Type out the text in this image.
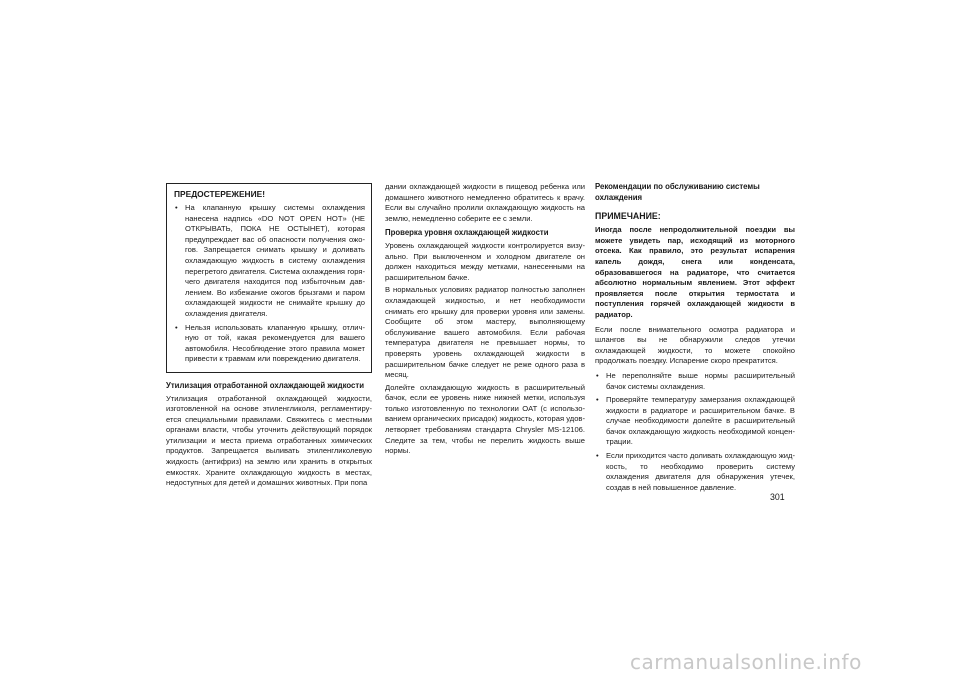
ПРЕДОСТЕРЕЖЕНИЕ!
• На клапанную крышку системы охлаждения нанесена надпись «DO NOT OPEN HOT» (НЕ ОТКРЫВАТЬ, ПОКА НЕ ОСТЫНЕТ), которая предупреждает вас об опасности получения ожогов. Запрещается снимать крышку и доливать охлаждающую жидкость в систему охлаждения перегретого двигателя. Система охлаждения горячего двигателя находится под избыточным давлением. Во избежание ожогов брызгами и паром охлаждающей жидкости не снимайте крышку до охлаждения двигателя.
• Нельзя использовать клапанную крышку, отличную от той, какая рекомендуется для вашего автомобиля. Несоблюдение этого правила может привести к травмам или повреждению двигателя.
Утилизация отработанной охлаждающей жидкости

Утилизация отработанной охлаждающей жидкости, изготовленной на основе этиленгликоля, регламентируется специальными правилами. Свяжитесь с местными органами власти, чтобы уточнить действующий порядок утилизации и места приема отработанных химических продуктов. Запрещается выливать этиленгликолевую жидкость (антифриз) на землю или хранить в открытых емкостях. Храните охлаждающую жидкость в местах, недоступных для детей и домашних животных. При попа

дании охлаждающей жидкости в пищевод ребенка или домашнего животного немедленно обратитесь к врачу. Если вы случайно пролили охлаждающую жидкость на землю, немедленно соберите ее с земли.

Проверка уровня охлаждающей жидкости

Уровень охлаждающей жидкости контролируется визуально. При выключенном и холодном двигателе он должен находиться между метками, нанесенными на расширительном бачке.

В нормальных условиях радиатор полностью заполнен охлаждающей жидкостью, и нет необходимости снимать его крышку для проверки уровня или замены. Сообщите об этом мастеру, выполняющему обслуживание вашего автомобиля. Если рабочая температура двигателя не превышает нормы, то проверять уровень охлаждающей жидкости в расширительном бачке следует не реже одного раза в месяц.

Долейте охлаждающую жидкость в расширительный бачок, если ее уровень ниже нижней метки, используя только изготовленную по технологии OAT (с использованием органических присадок) жидкость, которая удовлетворяет требованиям стандарта Chrysler MS-12106. Следите за тем, чтобы не перелить жидкость выше нормы.

Рекомендации по обслуживанию системы охлаждения
ПРИМЕЧАНИЕ:

Иногда после непродолжительной поездки вы можете увидеть пар, исходящий из моторного отсека. Как правило, это результат испарения капель дождя, снега или конденсата, образовавшегося на радиаторе, что считается абсолютно нормальным явлением. Этот эффект проявляется после открытия термостата и поступления горячей охлаждающей жидкости в радиатор.

Если после внимательного осмотра радиатора и шлангов вы не обнаружили следов утечки охлаждающей жидкости, то можете спокойно продолжать поездку. Испарение скоро прекратится.

• Не переполняйте выше нормы расширительный бачок системы охлаждения.
• Проверяйте температуру замерзания охлаждающей жидкости в радиаторе и расширительном бачке. В случае необходимости долейте в расширительный бачок охлаждающую жидкость необходимой концентрации.
• Если приходится часто доливать охлаждающую жидкость, то необходимо проверить систему охлаждения двигателя для обнаружения утечек, создав в ней повышенное давление.
301
carmanualsonline.info
